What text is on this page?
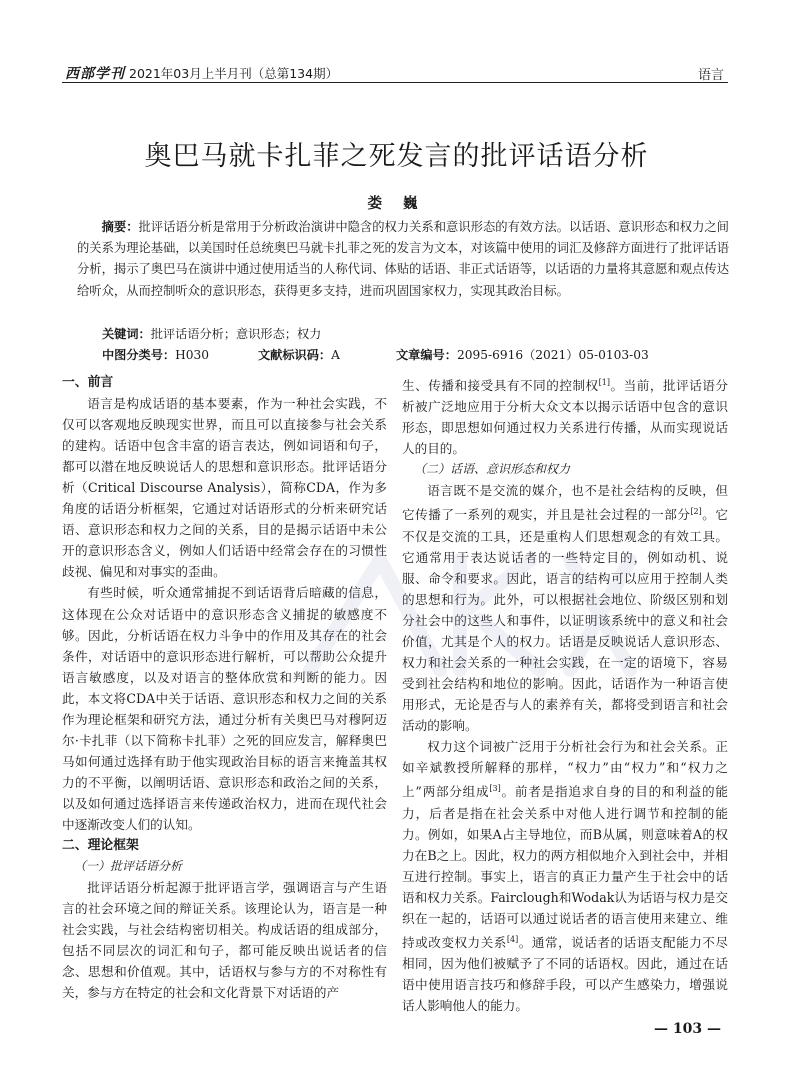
西部学刊 2021年03月上半月刊（总第134期）	语言
奥巴马就卡扎菲之死发言的批评话语分析
娄 巍
摘要：批评话语分析是常用于分析政治演讲中隐含的权力关系和意识形态的有效方法。以话语、意识形态和权力之间的关系为理论基础，以美国时任总统奥巴马就卡扎菲之死的发言为文本，对该篇中使用的词汇及修辞方面进行了批评话语分析，揭示了奥巴马在演讲中通过使用适当的人称代词、体贴的话语、非正式话语等，以话语的力量将其意愿和观点传达给听众，从而控制听众的意识形态，获得更多支持，进而巩固国家权力，实现其政治目标。
关键词：批评话语分析；意识形态；权力
中图分类号：H030	文献标识码：A	文章编号：2095-6916（2021）05-0103-03
一、前言

语言是构成话语的基本要素，作为一种社会实践，不仅可以客观地反映现实世界，而且可以直接参与社会关系的建构。话语中包含丰富的语言表达，例如词语和句子，都可以潜在地反映说话人的思想和意识形态。批评话语分析（Critical Discourse Analysis），简称CDA，作为多角度的话语分析框架，它通过对话语形式的分析来研究话语、意识形态和权力之间的关系，目的是揭示话语中未公开的意识形态含义，例如人们话语中经常会存在的习惯性歧视、偏见和对事实的歪曲。

有些时候，听众通常捕捉不到话语背后暗藏的信息，这体现在公众对话语中的意识形态含义捕捉的敏感度不够。因此，分析话语在权力斗争中的作用及其存在的社会条件，对话语中的意识形态进行解析，可以帮助公众提升语言敏感度，以及对语言的整体欣赏和判断的能力。因此，本文将CDA中关于话语、意识形态和权力之间的关系作为理论框架和研究方法，通过分析有关奥巴马对穆阿迈尔·卡扎菲（以下简称卡扎菲）之死的回应发言，解释奥巴马如何通过选择有助于他实现政治目标的语言来掩盖其权力的不平衡，以阐明话语、意识形态和政治之间的关系，以及如何通过选择语言来传递政治权力，进而在现代社会中逐渐改变人们的认知。

二、理论框架
（一）批评话语分析

批评话语分析起源于批评语言学，强调语言与产生语言的社会环境之间的辩证关系。该理论认为，语言是一种社会实践，与社会结构密切相关。构成话语的组成部分，包括不同层次的词汇和句子，都可能反映出说话者的信念、思想和价值观。其中，话语权与参与方的不对称性有关，参与方在特定的社会和文化背景下对话语的产

生、传播和接受具有不同的控制权[1]。当前，批评话语分析被广泛地应用于分析大众文本以揭示话语中包含的意识形态，即思想如何通过权力关系进行传播，从而实现说话人的目的。

（二）话语、意识形态和权力

语言既不是交流的媒介，也不是社会结构的反映，但它传播了一系列的观实，并且是社会过程的一部分[2]。它不仅是交流的工具，还是重构人们思想观念的有效工具。它通常用于表达说话者的一些特定目的，例如动机、说服、命令和要求。因此，语言的结构可以应用于控制人类的思想和行为。此外，可以根据社会地位、阶级区别和划分社会中的这些人和事件，以证明该系统中的意义和社会价值，尤其是个人的权力。话语是反映说话人意识形态、权力和社会关系的一种社会实践，在一定的语境下，容易受到社会结构和地位的影响。因此，话语作为一种语言使用形式，无论是否与人的素养有关，都将受到语言和社会活动的影响。

权力这个词被广泛用于分析社会行为和社会关系。正如辛斌教授所解释的那样，“权力”由“权力”和“权力之上”两部分组成[3]。前者是指追求自身的目的和利益的能力，后者是指在社会关系中对他人进行调节和控制的能力。例如，如果A占主导地位，而B从属，则意味着A的权力在B之上。因此，权力的两方相似地介入到社会中，并相互进行控制。事实上，语言的真正力量产生于社会中的话语和权力关系。Fairclough和Wodak认为话语与权力是交织在一起的，话语可以通过说话者的语言使用来建立、维持或改变权力关系[4]。通常，说话者的话语支配能力不尽相同，因为他们被赋予了不同的话语权。因此，通过在话语中使用语言技巧和修辞手段，可以产生感染力，增强说话人影响他人的能力。

— 103 —
